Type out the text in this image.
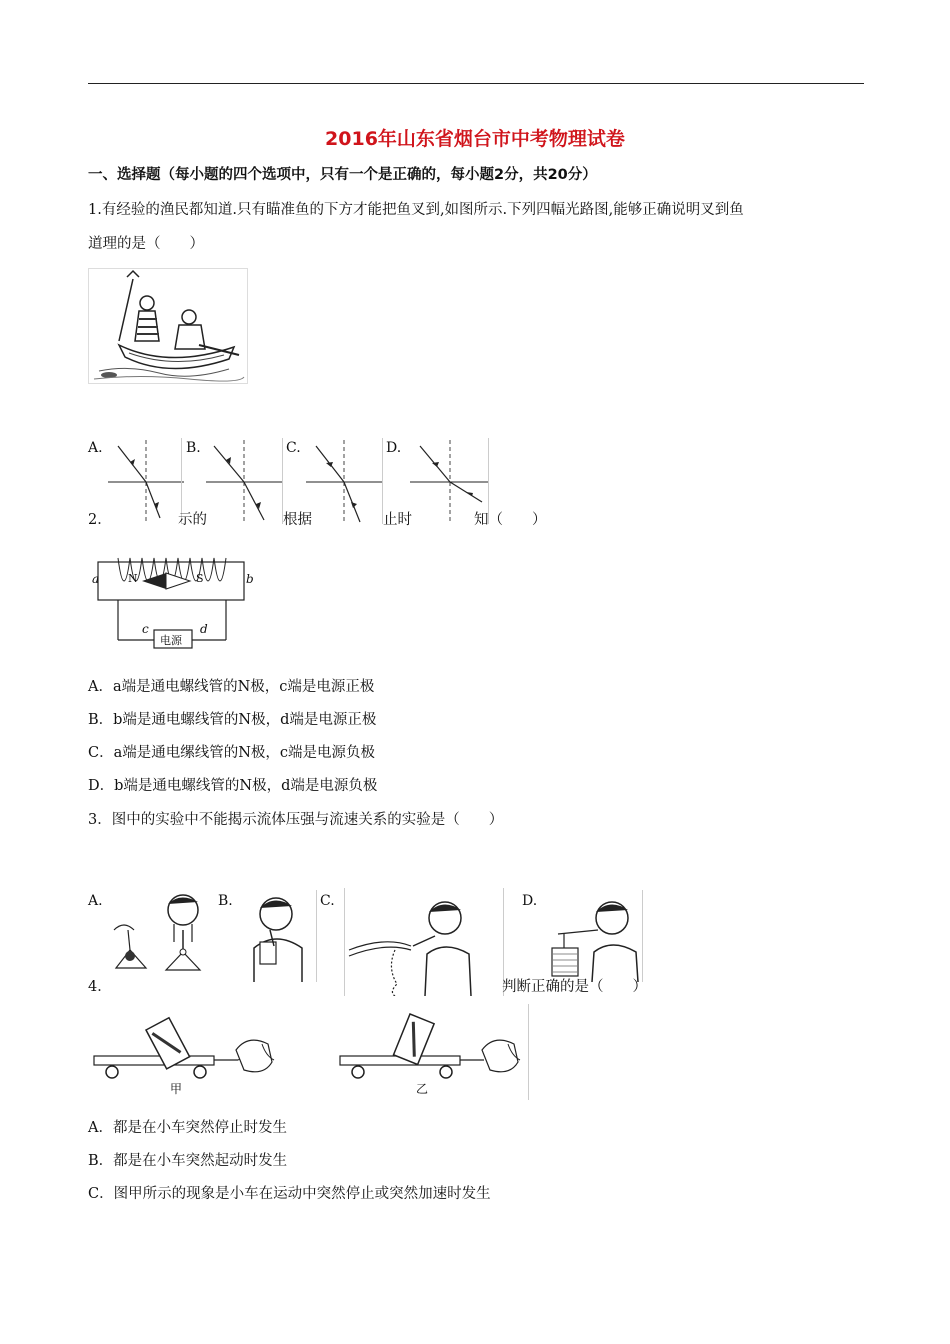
2016年山东省烟台市中考物理试卷
一、选择题（每小题的四个选项中，只有一个是正确的，每小题2分，共20分）
1.有经验的渔民都知道.只有瞄准鱼的下方才能把鱼叉到,如图所示.下列四幅光路图,能够正确说明叉到鱼
道理的是（　　）
A.	B.	C.	D.
2．	示的	根据	止时	知（　　）
a	b
N	S
c	d
电源
A．a端是通电螺线管的N极，c端是电源正极
B．b端是通电螺线管的N极，d端是电源正极
C．a端是通电缧线管的N极，c端是电源负极
D．b端是通电螺线管的N极，d端是电源负极
3．图中的实验中不能揭示流体压强与流速关系的实验是（　　）
A.	B.	C.	D.
4．	判断正确的是（　　）
甲	乙
A．都是在小车突然停止时发生
B．都是在小车突然起动时发生
C．图甲所示的现象是小车在运动中突然停止或突然加速时发生
